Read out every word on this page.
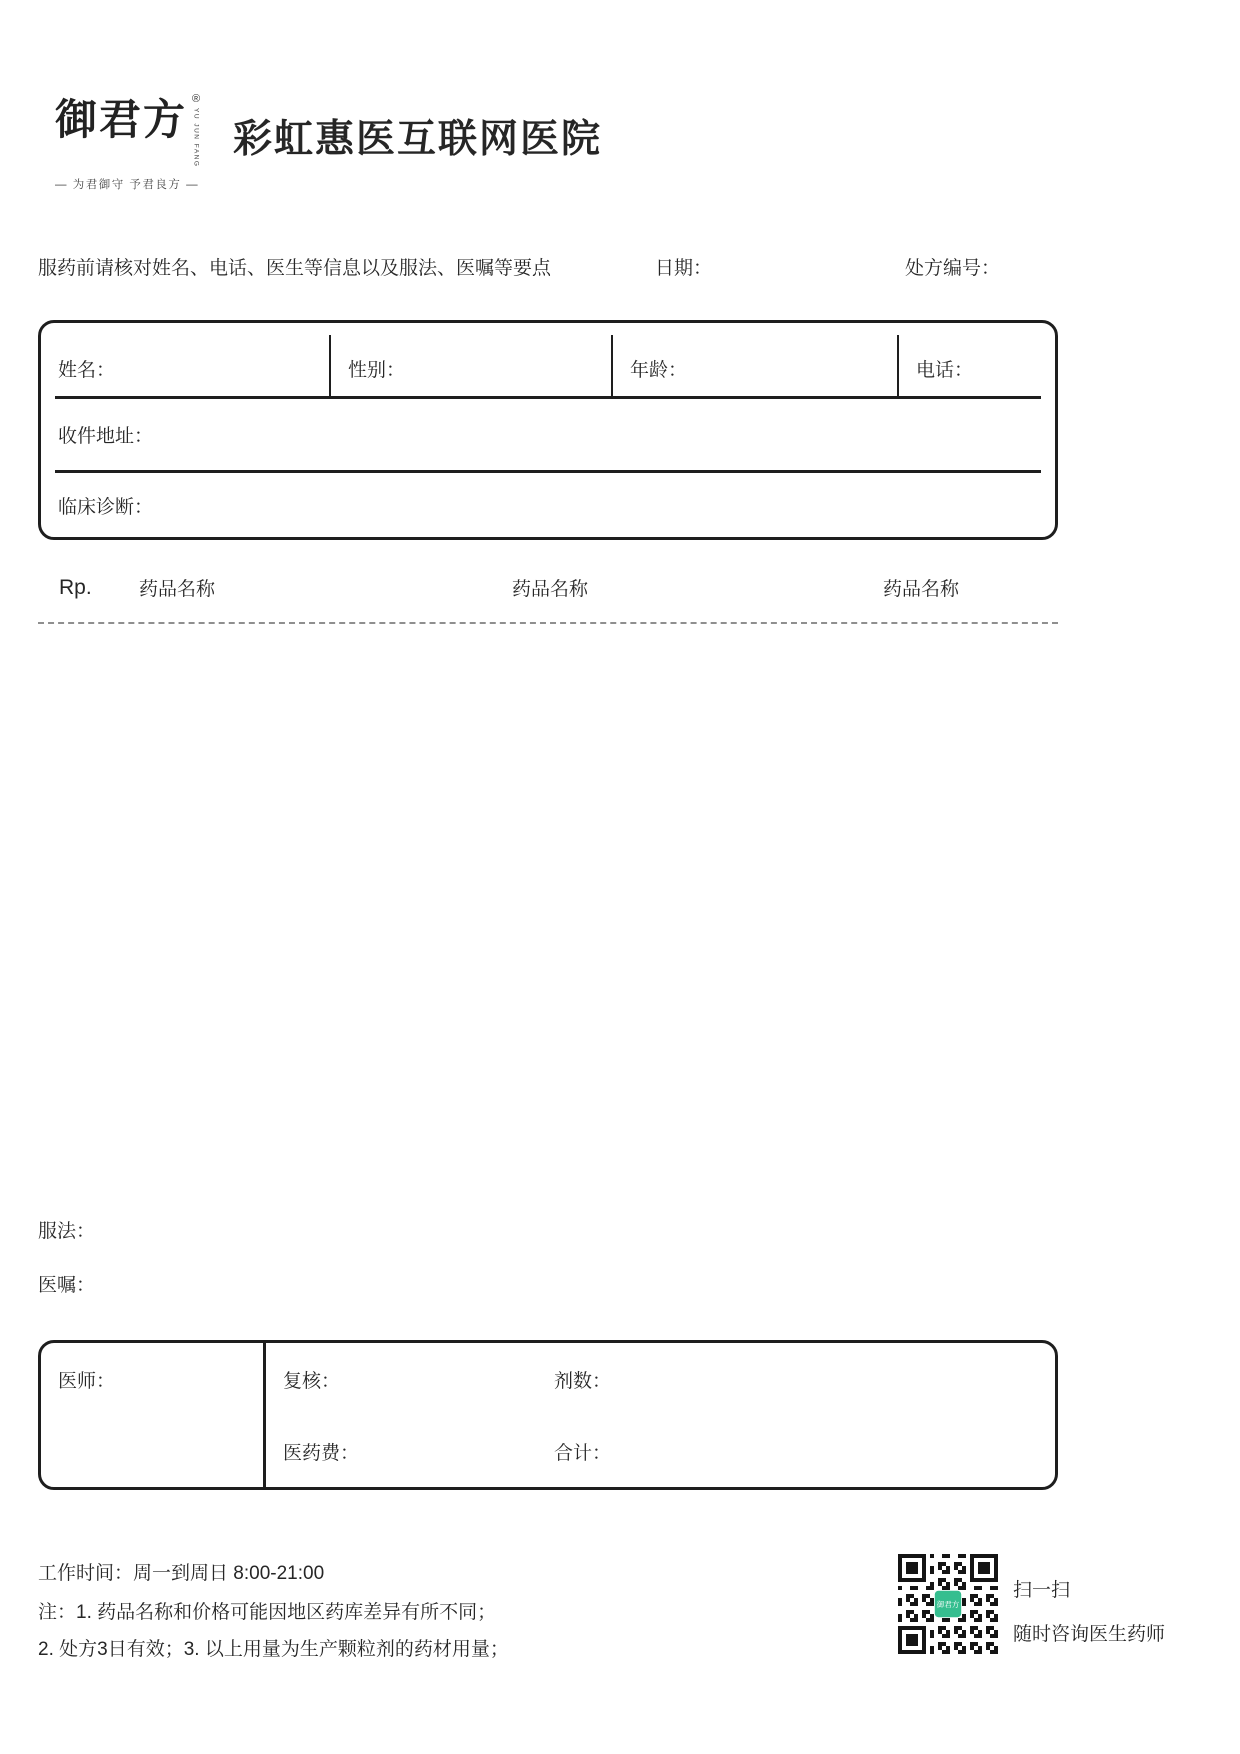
御君方 ®
YU JUN FANG
— 为君御守 予君良方 —
彩虹惠医互联网医院
服药前请核对姓名、电话、医生等信息以及服法、医嘱等要点	日期：	处方编号：
姓名：	性别：	年龄：	电话：
收件地址：
临床诊断：
Rp. 药品名称	药品名称	药品名称
服法：
医嘱：
医师：	复核：	剂数：
医药费：	合计：
工作时间：周一到周日 8:00-21:00
注：1. 药品名称和价格可能因地区药库差异有所不同；
2. 处方3日有效；3. 以上用量为生产颗粒剂的药材用量；
御君方
扫一扫
随时咨询医生药师
